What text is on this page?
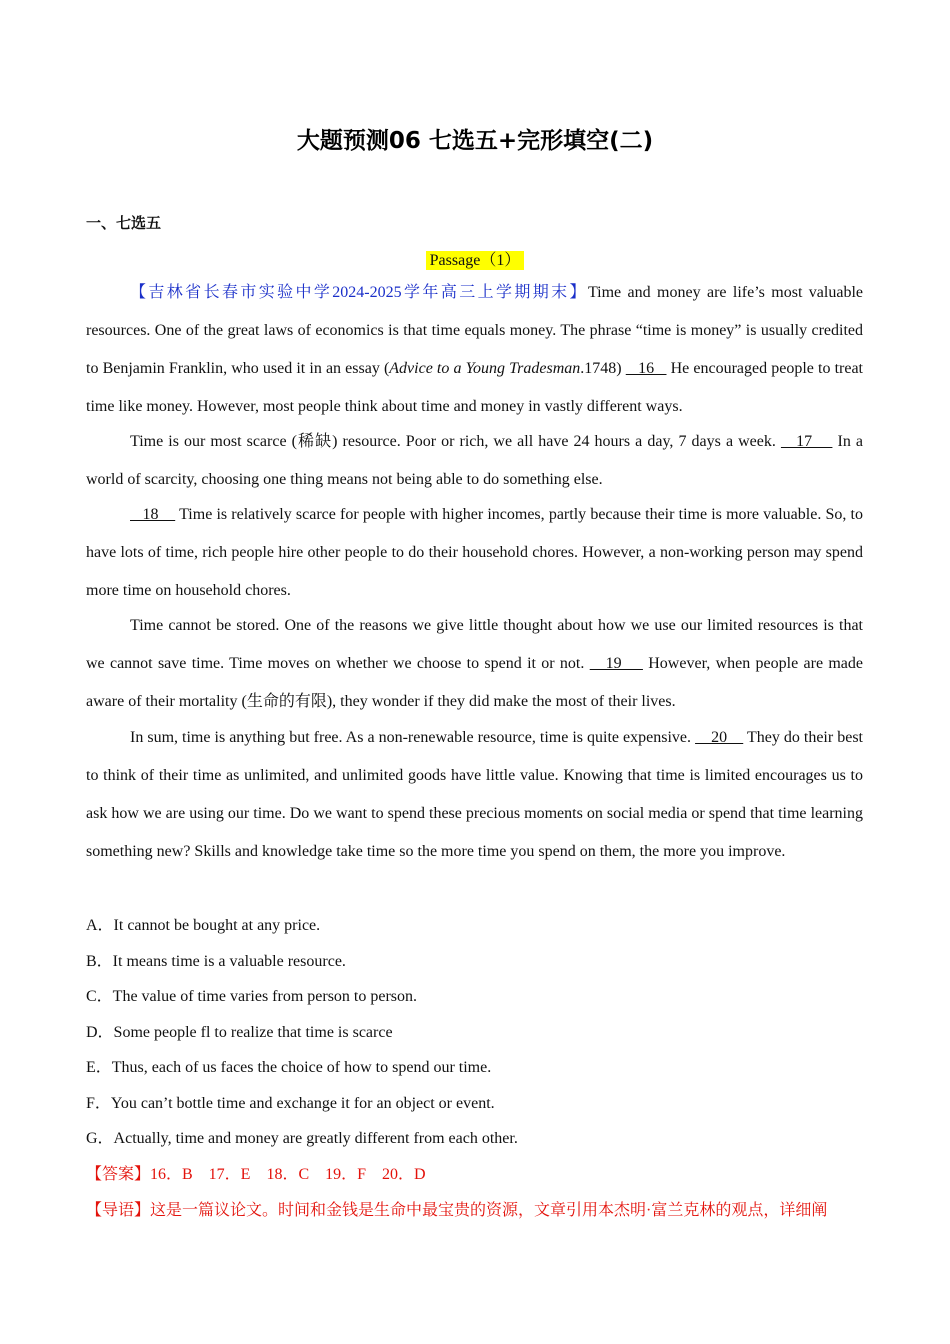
大题预测06 七选五+完形填空(二)
一、七选五
Passage（1）

【吉林省长春市实验中学2024-2025学年高三上学期期末】Time and money are life’s most valuable resources. One of the great laws of economics is that time equals money. The phrase “time is money” is usually credited to Benjamin Franklin, who used it in an essay (Advice to a Young Tradesman.1748)    16    He encouraged people to treat time like money. However, most people think about time and money in vastly different ways.

Time is our most scarce (稀缺) resource. Poor or rich, we all have 24 hours a day, 7 days a week.    17     In a world of scarcity, choosing one thing means not being able to do something else.

18     Time is relatively scarce for people with higher incomes, partly because their time is more valuable. So, to have lots of time, rich people hire other people to do their household chores. However, a non-working person may spend more time on household chores.

Time cannot be stored. One of the reasons we give little thought about how we use our limited resources is that we cannot save time. Time moves on whether we choose to spend it or not.    19     However, when people are made aware of their mortality (生命的有限), they wonder if they did make the most of their lives.

In sum, time is anything but free. As a non-renewable resource, time is quite expensive.     20     They do their best to think of their time as unlimited, and unlimited goods have little value. Knowing that time is limited encourages us to ask how we are using our time. Do we want to spend these precious moments on social media or spend that time learning something new? Skills and knowledge take time so the more time you spend on them, the more you improve.

A．It cannot be bought at any price.
B．It means time is a valuable resource.
C．The value of time varies from person to person.
D．Some people fl to realize that time is scarce
E．Thus, each of us faces the choice of how to spend our time.
F．You can’t bottle time and exchange it for an object or event.
G．Actually, time and money are greatly different from each other.
【答案】16．B　17．E　18．C　19．F　20．D
【导语】这是一篇议论文。时间和金钱是生命中最宝贵的资源，文章引用本杰明·富兰克林的观点，详细阐
